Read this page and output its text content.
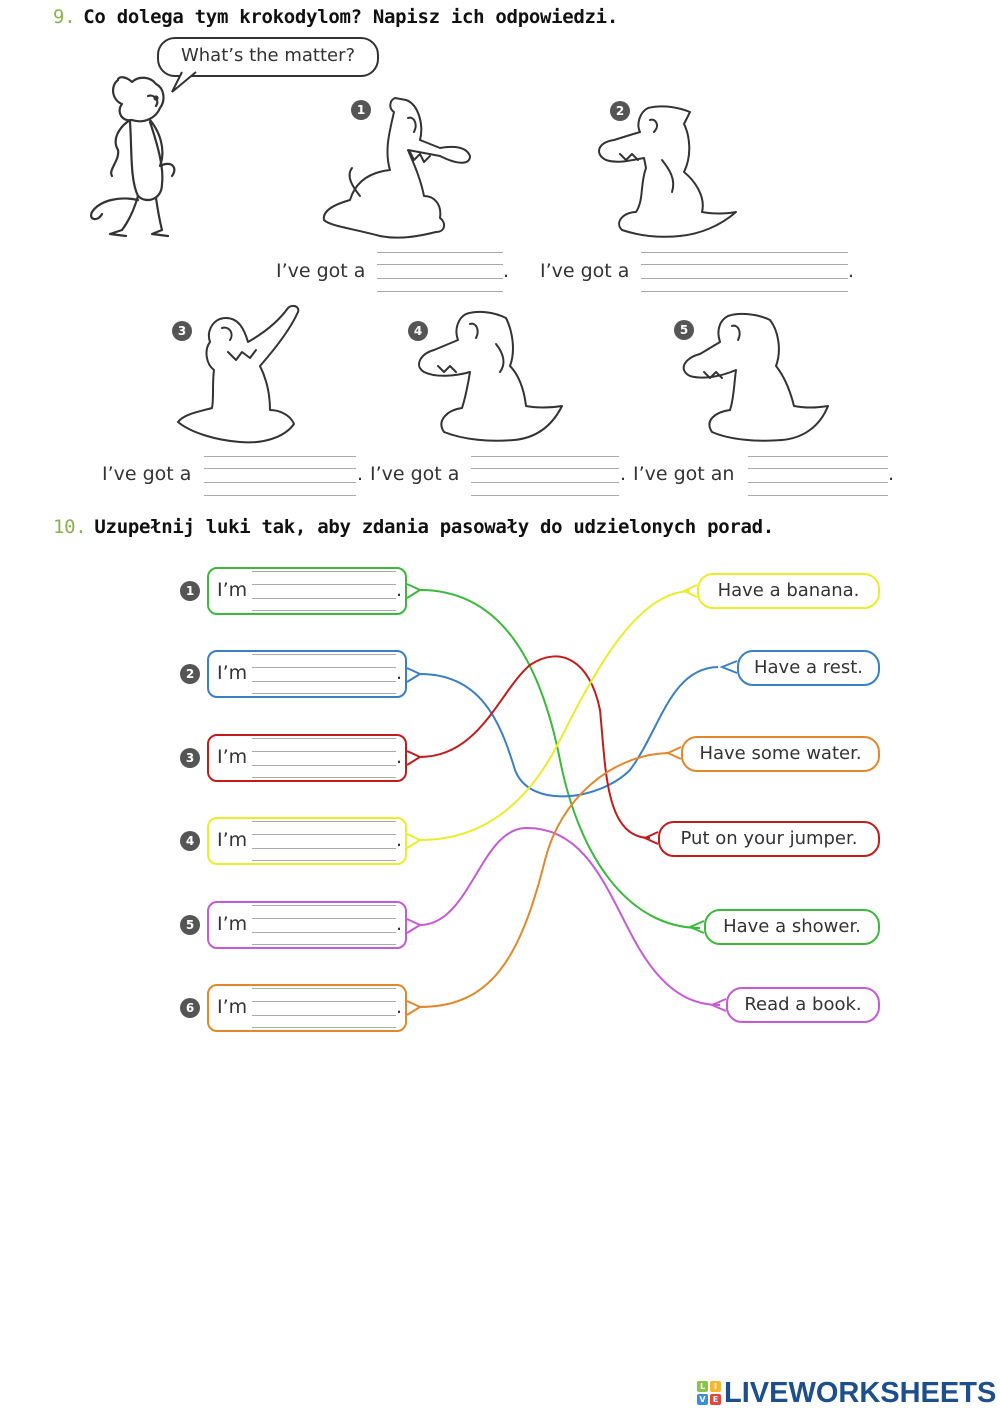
9. Co dolega tym krokodylom? Napisz ich odpowiedzi.
What’s the matter?
1	2
3	4	5
I’ve got a	. I’ve got a	.
I’ve got a	. I’ve got a	. I’ve got an	.
10. Uzupełnij luki tak, aby zdania pasowały do udzielonych porad.
1
2
3
4
5
6
I’m	.
I’m	.
I’m	.
I’m	.
I’m	.
I’m	.
Have a banana.
Have a rest.
Have some water.
Put on your jumper.
Have a shower.
Read a book.
L	I
V E LIVEWORKSHEETS
